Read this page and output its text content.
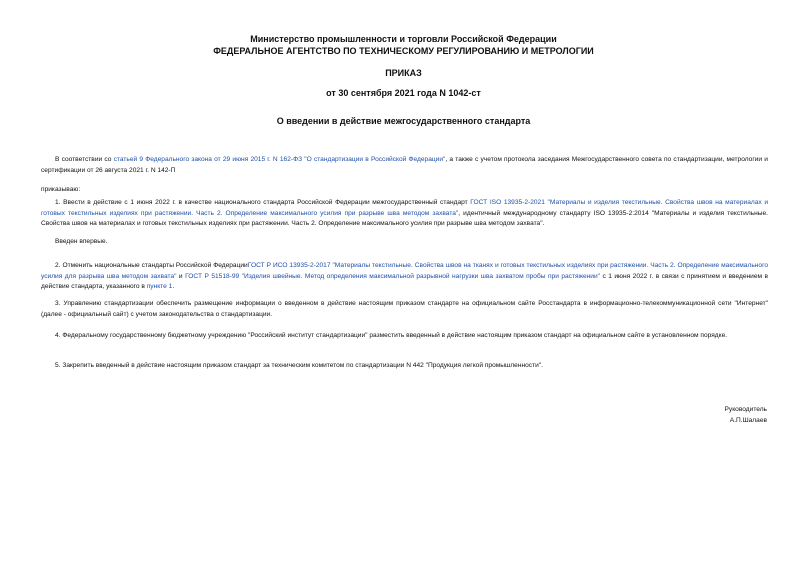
Министерство промышленности и торговли Российской Федерации
ФЕДЕРАЛЬНОЕ АГЕНТСТВО ПО ТЕХНИЧЕСКОМУ РЕГУЛИРОВАНИЮ И МЕТРОЛОГИИ
ПРИКАЗ
от 30 сентября 2021 года N 1042-ст
О введении в действие межгосударственного стандарта

В соответствии со статьей 9 Федерального закона от 29 июня 2015 г. N 162-ФЗ "О стандартизации в Российской Федерации", а также с учетом протокола заседания Межгосударственного совета по стандартизации, метрологии и сертификации от 26 августа 2021 г. N 142-П

приказываю:

1. Ввести в действие с 1 июня 2022 г. в качестве национального стандарта Российской Федерации межгосударственный стандарт ГОСТ ISO 13935-2-2021 "Материалы и изделия текстильные. Свойства швов на материалах и готовых текстильных изделиях при растяжении. Часть 2. Определение максимального усилия при разрыве шва методом захвата", идентичный международному стандарту ISO 13935-2:2014 "Материалы и изделия текстильные. Свойства швов на материалах и готовых текстильных изделиях при растяжении. Часть 2. Определение максимального усилия при разрыве шва методом захвата".

Введен впервые.

2. Отменить национальные стандарты Российской ФедерацииГОСТ Р ИСО 13935-2-2017 "Материалы текстильные. Свойства швов на тканях и готовых текстильных изделиях при растяжении. Часть 2. Определение максимального усилия для разрыва шва методом захвата" и ГОСТ Р 51518-99 "Изделия швейные. Метод определения максимальной разрывной нагрузки шва захватом пробы при растяжении" с 1 июня 2022 г. в связи с принятием и введением в действие стандарта, указанного в пункте 1.

3. Управлению стандартизации обеспечить размещение информации о введенном в действие настоящим приказом стандарте на официальном сайте Росстандарта в информационно-телекоммуникационной сети "Интернет" (далее - официальный сайт) с учетом законодательства о стандартизации.

4. Федеральному государственному бюджетному учреждению "Российский институт стандартизации" разместить введенный в действие настоящим приказом стандарт на официальном сайте в установленном порядке.

5. Закрепить введенный в действие настоящим приказом стандарт за техническим комитетом по стандартизации N 442 "Продукция легкой промышленности".

Руководитель
А.П.Шалаев
